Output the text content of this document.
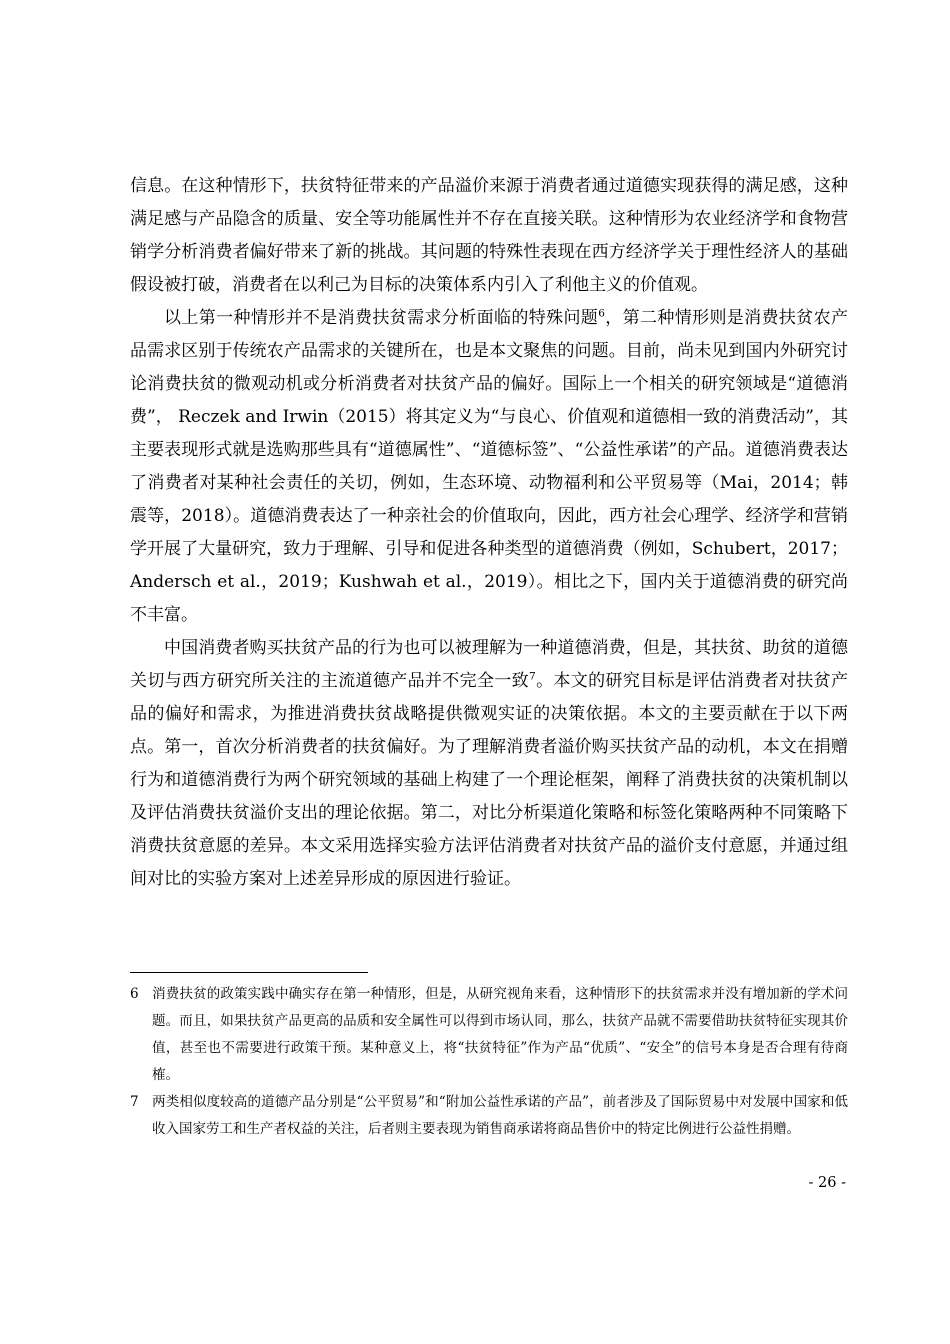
信息。在这种情形下，扶贫特征带来的产品溢价来源于消费者通过道德实现获得的满足感，这种满足感与产品隐含的质量、安全等功能属性并不存在直接关联。这种情形为农业经济学和食物营销学分析消费者偏好带来了新的挑战。其问题的特殊性表现在西方经济学关于理性经济人的基础假设被打破，消费者在以利己为目标的决策体系内引入了利他主义的价值观。

以上第一种情形并不是消费扶贫需求分析面临的特殊问题$^6$，第二种情形则是消费扶贫农产品需求区别于传统农产品需求的关键所在，也是本文聚焦的问题。目前，尚未见到国内外研究讨论消费扶贫的微观动机或分析消费者对扶贫产品的偏好。国际上一个相关的研究领域是“道德消费”， Reczek and Irwin（2015）将其定义为“与良心、价值观和道德相一致的消费活动”，其主要表现形式就是选购那些具有“道德属性”、“道德标签”、“公益性承诺”的产品。道德消费表达了消费者对某种社会责任的关切，例如，生态环境、动物福利和公平贸易等（Mai，2014；韩震等，2018）。道德消费表达了一种亲社会的价值取向，因此，西方社会心理学、经济学和营销学开展了大量研究，致力于理解、引导和促进各种类型的道德消费（例如，Schubert，2017；Andersch et al.，2019；Kushwah et al.，2019）。相比之下，国内关于道德消费的研究尚不丰富。

中国消费者购买扶贫产品的行为也可以被理解为一种道德消费，但是，其扶贫、助贫的道德关切与西方研究所关注的主流道德产品并不完全一致$^7$。本文的研究目标是评估消费者对扶贫产品的偏好和需求，为推进消费扶贫战略提供微观实证的决策依据。本文的主要贡献在于以下两点。第一，首次分析消费者的扶贫偏好。为了理解消费者溢价购买扶贫产品的动机，本文在捐赠行为和道德消费行为两个研究领域的基础上构建了一个理论框架，阐释了消费扶贫的决策机制以及评估消费扶贫溢价支出的理论依据。第二，对比分析渠道化策略和标签化策略两种不同策略下消费扶贫意愿的差异。本文采用选择实验方法评估消费者对扶贫产品的溢价支付意愿，并通过组间对比的实验方案对上述差异形成的原因进行验证。

6 消费扶贫的政策实践中确实存在第一种情形，但是，从研究视角来看，这种情形下的扶贫需求并没有增加新的学术问题。而且，如果扶贫产品更高的品质和安全属性可以得到市场认同，那么，扶贫产品就不需要借助扶贫特征实现其价值，甚至也不需要进行政策干预。某种意义上，将“扶贫特征”作为产品“优质”、“安全”的信号本身是否合理有待商榷。
7 两类相似度较高的道德产品分别是“公平贸易”和“附加公益性承诺的产品”，前者涉及了国际贸易中对发展中国家和低收入国家劳工和生产者权益的关注，后者则主要表现为销售商承诺将商品售价中的特定比例进行公益性捐赠。
- 26 -
